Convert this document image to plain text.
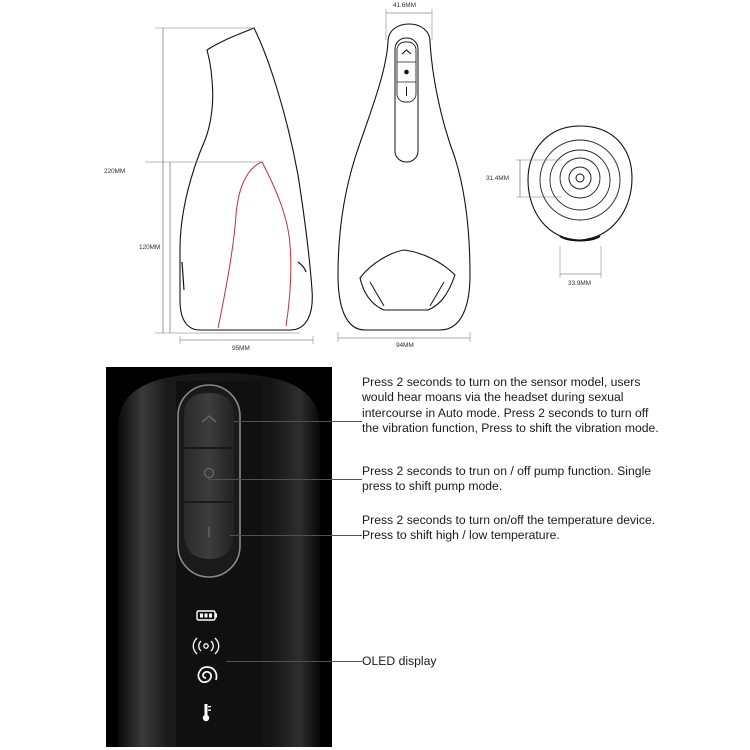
220MM
120MM
95MM	94MM
41.6MM
31.4MM
33.9MM

Press 2 seconds to turn on the sensor model, users would hear moans via the headset during sexual intercourse in Auto mode. Press 2 seconds to turn off the vibration function, Press to shift the vibration mode.

Press 2 seconds to trun on / off pump function. Single press to shift pump mode.

Press 2 seconds to turn on/off the temperature device. Press to shift high / low temperature.

OLED display
